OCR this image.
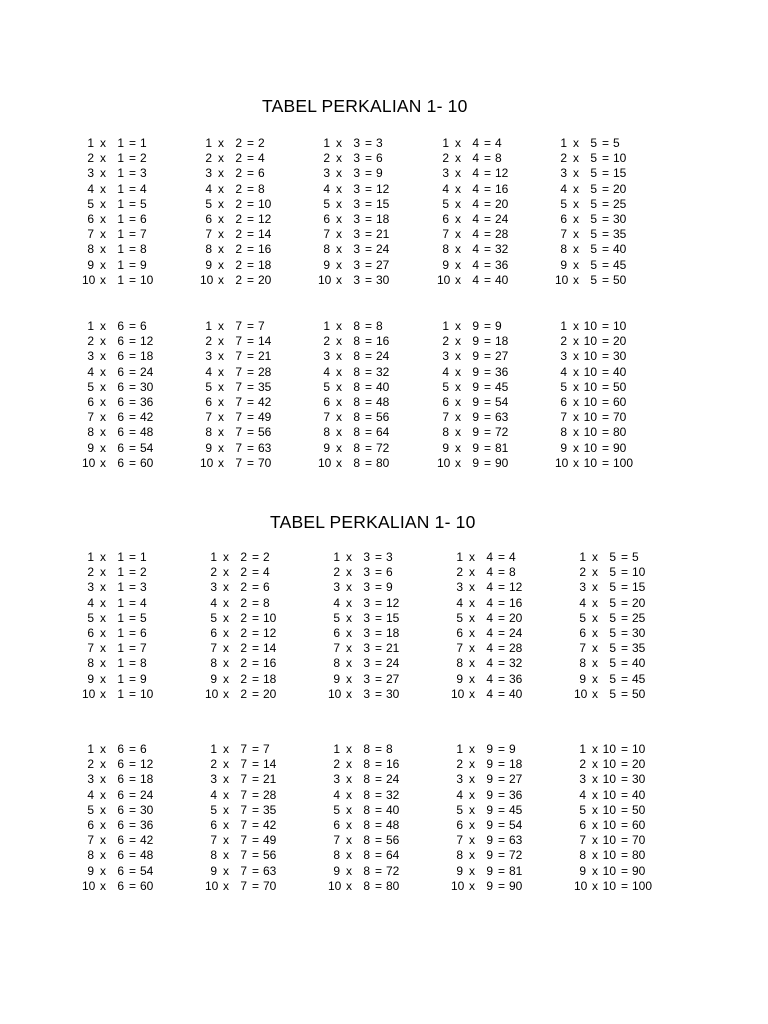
TABEL PERKALIAN 1- 10
1 x 1 = 1
2 x 1 = 2
3 x 1 = 3
4 x 1 = 4
5 x 1 = 5
6 x 1 = 6
7 x 1 = 7
8 x 1 = 8
9 x 1 = 9
10 x 1 = 10
1 x 2 = 2
2 x 2 = 4
3 x 2 = 6
4 x 2 = 8
5 x 2 = 10
6 x 2 = 12
7 x 2 = 14
8 x 2 = 16
9 x 2 = 18
10 x 2 = 20
1 x 3 = 3
2 x 3 = 6
3 x 3 = 9
4 x 3 = 12
5 x 3 = 15
6 x 3 = 18
7 x 3 = 21
8 x 3 = 24
9 x 3 = 27
10 x 3 = 30
1 x 4 = 4
2 x 4 = 8
3 x 4 = 12
4 x 4 = 16
5 x 4 = 20
6 x 4 = 24
7 x 4 = 28
8 x 4 = 32
9 x 4 = 36
10 x 4 = 40
1 x 5 = 5
2 x 5 = 10
3 x 5 = 15
4 x 5 = 20
5 x 5 = 25
6 x 5 = 30
7 x 5 = 35
8 x 5 = 40
9 x 5 = 45
10 x 5 = 50
1 x 6 = 6
2 x 6 = 12
3 x 6 = 18
4 x 6 = 24
5 x 6 = 30
6 x 6 = 36
7 x 6 = 42
8 x 6 = 48
9 x 6 = 54
10 x 6 = 60
1 x 7 = 7
2 x 7 = 14
3 x 7 = 21
4 x 7 = 28
5 x 7 = 35
6 x 7 = 42
7 x 7 = 49
8 x 7 = 56
9 x 7 = 63
10 x 7 = 70
1 x 8 = 8
2 x 8 = 16
3 x 8 = 24
4 x 8 = 32
5 x 8 = 40
6 x 8 = 48
7 x 8 = 56
8 x 8 = 64
9 x 8 = 72
10 x 8 = 80
1 x 9 = 9
2 x 9 = 18
3 x 9 = 27
4 x 9 = 36
5 x 9 = 45
6 x 9 = 54
7 x 9 = 63
8 x 9 = 72
9 x 9 = 81
10 x 9 = 90
1 x 10 = 10
2 x 10 = 20
3 x 10 = 30
4 x 10 = 40
5 x 10 = 50
6 x 10 = 60
7 x 10 = 70
8 x 10 = 80
9 x 10 = 90
10 x 10 = 100
TABEL PERKALIAN 1- 10
1 x 1 = 1
2 x 1 = 2
3 x 1 = 3
4 x 1 = 4
5 x 1 = 5
6 x 1 = 6
7 x 1 = 7
8 x 1 = 8
9 x 1 = 9
10 x 1 = 10
1 x 2 = 2
2 x 2 = 4
3 x 2 = 6
4 x 2 = 8
5 x 2 = 10
6 x 2 = 12
7 x 2 = 14
8 x 2 = 16
9 x 2 = 18
10 x 2 = 20
1 x 3 = 3
2 x 3 = 6
3 x 3 = 9
4 x 3 = 12
5 x 3 = 15
6 x 3 = 18
7 x 3 = 21
8 x 3 = 24
9 x 3 = 27
10 x 3 = 30
1 x 4 = 4
2 x 4 = 8
3 x 4 = 12
4 x 4 = 16
5 x 4 = 20
6 x 4 = 24
7 x 4 = 28
8 x 4 = 32
9 x 4 = 36
10 x 4 = 40
1 x 5 = 5
2 x 5 = 10
3 x 5 = 15
4 x 5 = 20
5 x 5 = 25
6 x 5 = 30
7 x 5 = 35
8 x 5 = 40
9 x 5 = 45
10 x 5 = 50
1 x 6 = 6
2 x 6 = 12
3 x 6 = 18
4 x 6 = 24
5 x 6 = 30
6 x 6 = 36
7 x 6 = 42
8 x 6 = 48
9 x 6 = 54
10 x 6 = 60
1 x 7 = 7
2 x 7 = 14
3 x 7 = 21
4 x 7 = 28
5 x 7 = 35
6 x 7 = 42
7 x 7 = 49
8 x 7 = 56
9 x 7 = 63
10 x 7 = 70
1 x 8 = 8
2 x 8 = 16
3 x 8 = 24
4 x 8 = 32
5 x 8 = 40
6 x 8 = 48
7 x 8 = 56
8 x 8 = 64
9 x 8 = 72
10 x 8 = 80
1 x 9 = 9
2 x 9 = 18
3 x 9 = 27
4 x 9 = 36
5 x 9 = 45
6 x 9 = 54
7 x 9 = 63
8 x 9 = 72
9 x 9 = 81
10 x 9 = 90
1 x 10 = 10
2 x 10 = 20
3 x 10 = 30
4 x 10 = 40
5 x 10 = 50
6 x 10 = 60
7 x 10 = 70
8 x 10 = 80
9 x 10 = 90
10 x 10 = 100
